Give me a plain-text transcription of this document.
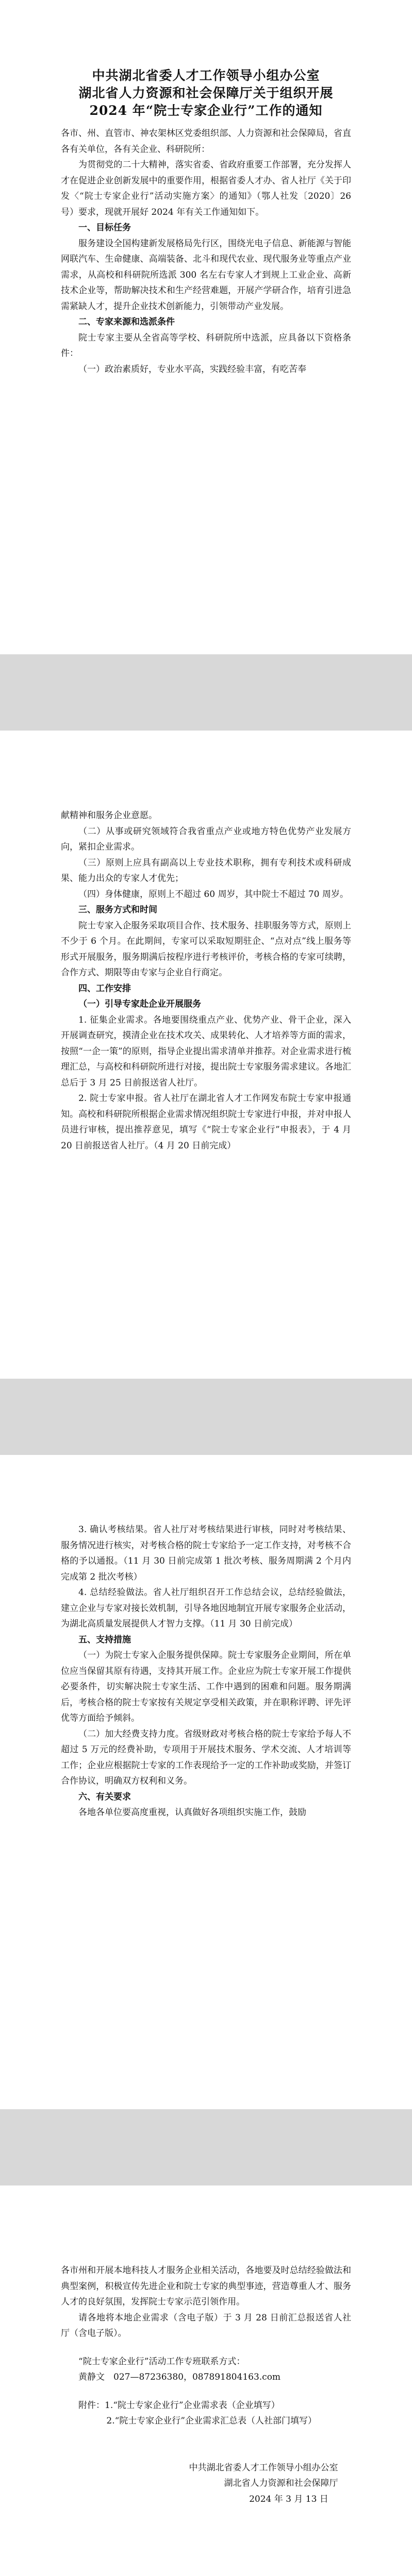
中共湖北省委人才工作领导小组办公室
湖北省人力资源和社会保障厅关于组织开展
2024 年“院士专家企业行”工作的通知

各市、州、直管市、神农架林区党委组织部、人力资源和社会保障局，省直各有关单位，各有关企业、科研院所：

为贯彻党的二十大精神，落实省委、省政府重要工作部署，充分发挥人才在促进企业创新发展中的重要作用，根据省委人才办、省人社厅《关于印发〈“院士专家企业行”活动实施方案〉的通知》（鄂人社发〔2020〕26 号）要求，现就开展好 2024 年有关工作通知如下。

一、目标任务

服务建设全国构建新发展格局先行区，围绕光电子信息、新能源与智能网联汽车、生命健康、高端装备、北斗和现代农业、现代服务业等重点产业需求，从高校和科研院所选派 300 名左右专家人才到规上工业企业、高新技术企业等，帮助解决技术和生产经营难题，开展产学研合作，培育引进急需紧缺人才，提升企业技术创新能力，引领带动产业发展。

二、专家来源和选派条件

院士专家主要从全省高等学校、科研院所中选派，应具备以下资格条件：

（一）政治素质好，专业水平高，实践经验丰富，有吃苦奉

献精神和服务企业意愿。

（二）从事或研究领域符合我省重点产业或地方特色优势产业发展方向，紧扣企业需求。

（三）原则上应具有副高以上专业技术职称，拥有专利技术或科研成果、能力出众的专家人才优先；

（四）身体健康，原则上不超过 60 周岁，其中院士不超过 70 周岁。

三、服务方式和时间

院士专家入企服务采取项目合作、技术服务、挂职服务等方式，原则上不少于 6 个月。在此期间，专家可以采取短期驻企、“点对点”线上服务等形式开展服务，服务期满后按程序进行考核评价，考核合格的专家可续聘，合作方式、期限等由专家与企业自行商定。

四、工作安排

（一）引导专家赴企业开展服务

1. 征集企业需求。各地要围绕重点产业、优势产业、骨干企业，深入开展调查研究，摸清企业在技术攻关、成果转化、人才培养等方面的需求，按照“一企一策”的原则，指导企业提出需求清单并推荐。对企业需求进行梳理汇总，与高校和科研院所进行对接，提出院士专家服务需求建议。各地汇总后于 3 月 25 日前报送省人社厅。

2. 院士专家申报。省人社厅在湖北省人才工作网发布院士专家申报通知。高校和科研院所根据企业需求情况组织院士专家进行申报，并对申报人员进行审核，提出推荐意见，填写《“院士专家企业行”申报表》，于 4 月 20 日前报送省人社厅。（4 月 20 日前完成）

3. 确认考核结果。省人社厅对考核结果进行审核，同时对考核结果、服务情况进行核实，对考核合格的院士专家给予一定工作支持，对考核不合格的予以通报。（11 月 30 日前完成第 1 批次考核、服务周期满 2 个月内完成第 2 批次考核）

4. 总结经验做法。省人社厅组织召开工作总结会议，总结经验做法，建立企业与专家对接长效机制，引导各地因地制宜开展专家服务企业活动，为湖北高质量发展提供人才智力支撑。（11 月 30 日前完成）

五、支持措施

（一）为院士专家入企服务提供保障。院士专家服务企业期间，所在单位应当保留其原有待遇，支持其开展工作。企业应为院士专家开展工作提供必要条件，切实解决院士专家生活、工作中遇到的困难和问题。服务期满后，考核合格的院士专家按有关规定享受相关政策，并在职称评聘、评先评优等方面给予倾斜。

（二）加大经费支持力度。省级财政对考核合格的院士专家给予每人不超过 5 万元的经费补助，专项用于开展技术服务、学术交流、人才培训等工作；企业应根据院士专家的工作表现给予一定的工作补助或奖励，并签订合作协议，明确双方权利和义务。

六、有关要求

各地各单位要高度重视，认真做好各项组织实施工作，鼓励

各市州和开展本地科技人才服务企业相关活动，各地要及时总结经验做法和典型案例，积极宣传先进企业和院士专家的典型事迹，营造尊重人才、服务人才的良好氛围，发挥院士专家示范引领作用。

请各地将本地企业需求（含电子版）于 3 月 28 日前汇总报送省人社厅（含电子版）。

“院士专家企业行”活动工作专班联系方式：

黄静文　027—87236380，087891804163.com

附件：1.“院士专家企业行”企业需求表（企业填写）

2.“院士专家企业行”企业需求汇总表（人社部门填写）

中共湖北省委人才工作领导小组办公室

湖北省人力资源和社会保障厅

2024 年 3 月 13 日
